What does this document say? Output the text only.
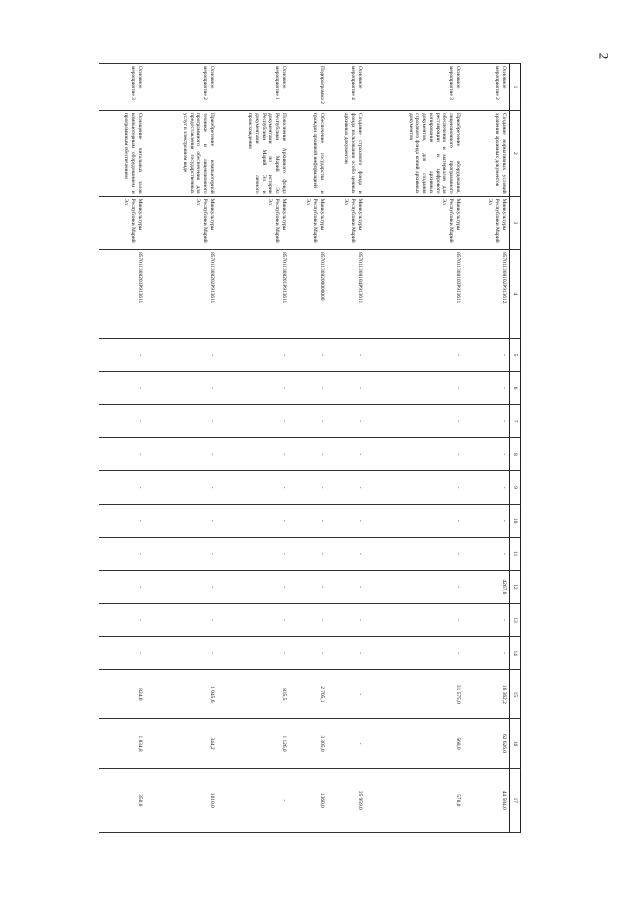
2
1	2	3	4	5	6	7	8	9	10	11	12	13	14	15	16	17
Основное мероприятие 2	Создание нормативных условий хранения архивных документов	Минкультуры Республики Марий Эл	857011308102Р913612	-	-	-	-	-	-	-	4267,6	-	-	16 362,2	62 626,0	44 584,0
Основное мероприятие 3	Приобретение оборудования, лицензионного программного обеспечения и материалов для реставрации и цифрового копирования архивных документов, для создания страхового фонда копий архивных документов	Минкультуры Республики Марий Эл	857011308103Р913611	-	-	-	-	-	-	-	-	-	-	31 575,0	568,0	578,0
Основное мероприятие 4	Создание страхового фонда и фонда пользования особо ценных архивных документов	Минкультуры Республики Марий Эл	857011308104Р913611	-	-	-	-	-	-	-	-	-	-	-	-	35 959,0
Подпрограмма 2	Обеспечение государства и граждан архивной информацией	Минкультуры Республики Марий Эл	857011308200000000	-	-	-	-	-	-	-	-	-	-	2 705,1	3 305,0	1360,0
Основное мероприятие 1	Пополнение Архивного фонда Республики Марий Эл документами по истории Республики Марий Эл и документами личного происхождения	Минкультуры Республики Марий Эл	857011308201Р913611	-	-	-	-	-	-	-	-	-	-	835,5	1 126,0	-
Основное мероприятие 2	Приобретение компьютерной техники и лицензионного программного обеспечения для предоставления государственных услуг в электронном виде	Минкультуры Республики Марий Эл	857011308202Р913611	-	-	-	-	-	-	-	-	-	-	1 045,6	344,2	1010,0
Основное мероприятие 3	Оснащение читальных залов компьютерным оборудованием и программным обеспечением	Минкультуры Республики Марий Эл	857011308203Р913611	-	-	-	-	-	-	-	-	-	-	824,0	1 834,8	350,0
